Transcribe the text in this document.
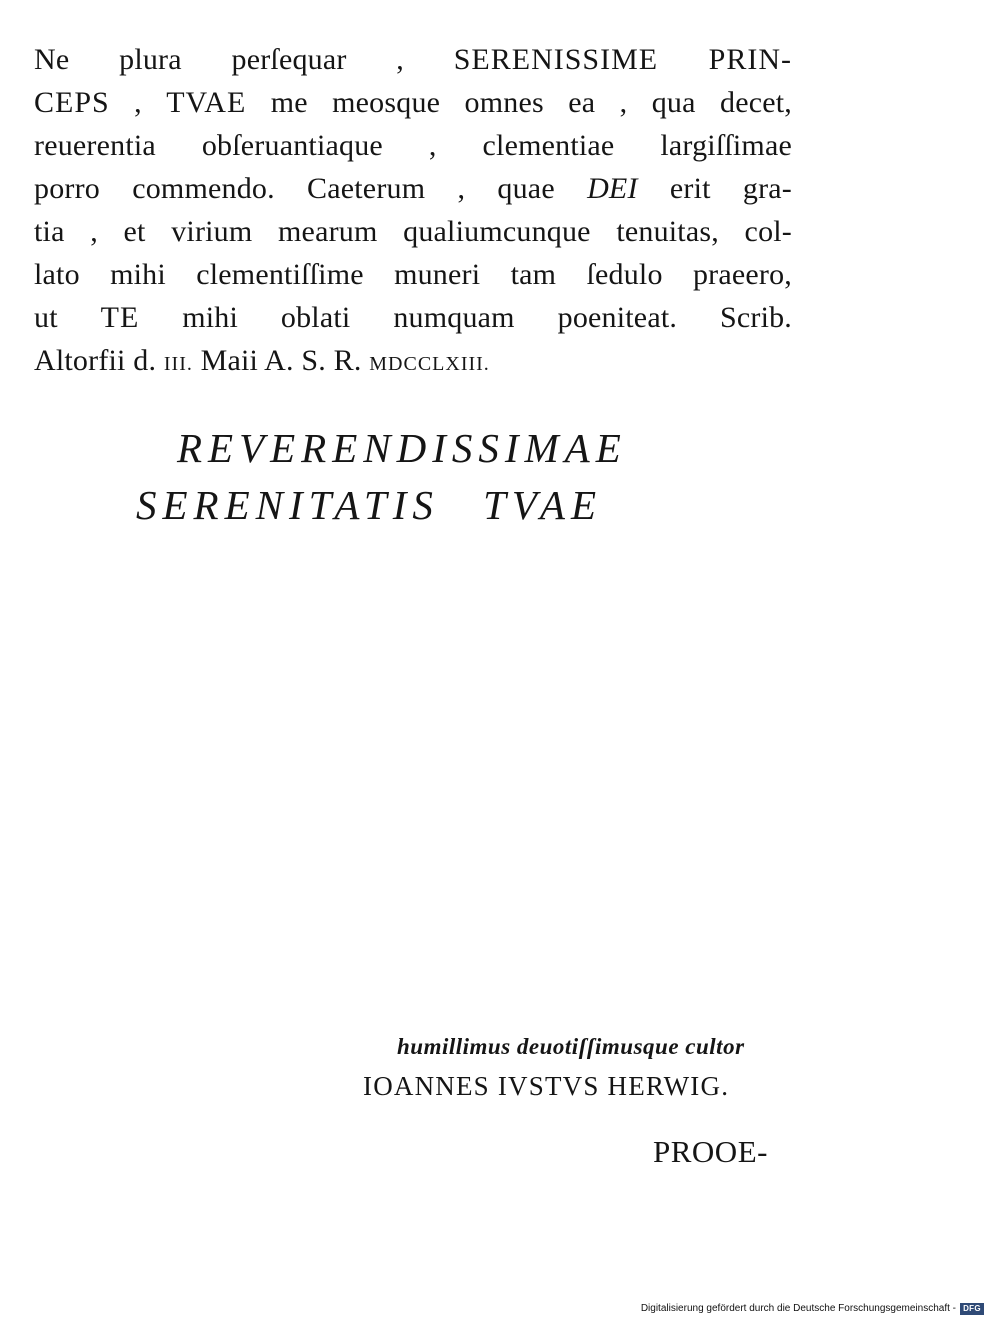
Ne plura perſequar , SERENISSIME PRIN-
CEPS , TVAE me meosque omnes ea , qua decet,
reuerentia obſeruantiaque , clementiae largiſſimae
porro commendo. Caeterum , quae DEI erit gra-
tia , et virium mearum qualiumcunque tenuitas, col-
lato mihi clementiſſime muneri tam ſedulo praeero,
ut TE mihi oblati numquam poeniteat. Scrib.
Altorfii d. III. Maii A. S. R. MDCCLXIII.
REVERENDISSIMAE
SERENITATIS TVAE
humillimus deuotiſſimusque cultor
IOANNES IVSTVS HERWIG.
PROOE-
Digitalisierung gefördert durch die Deutsche Forschungsgemeinschaft - DFG
